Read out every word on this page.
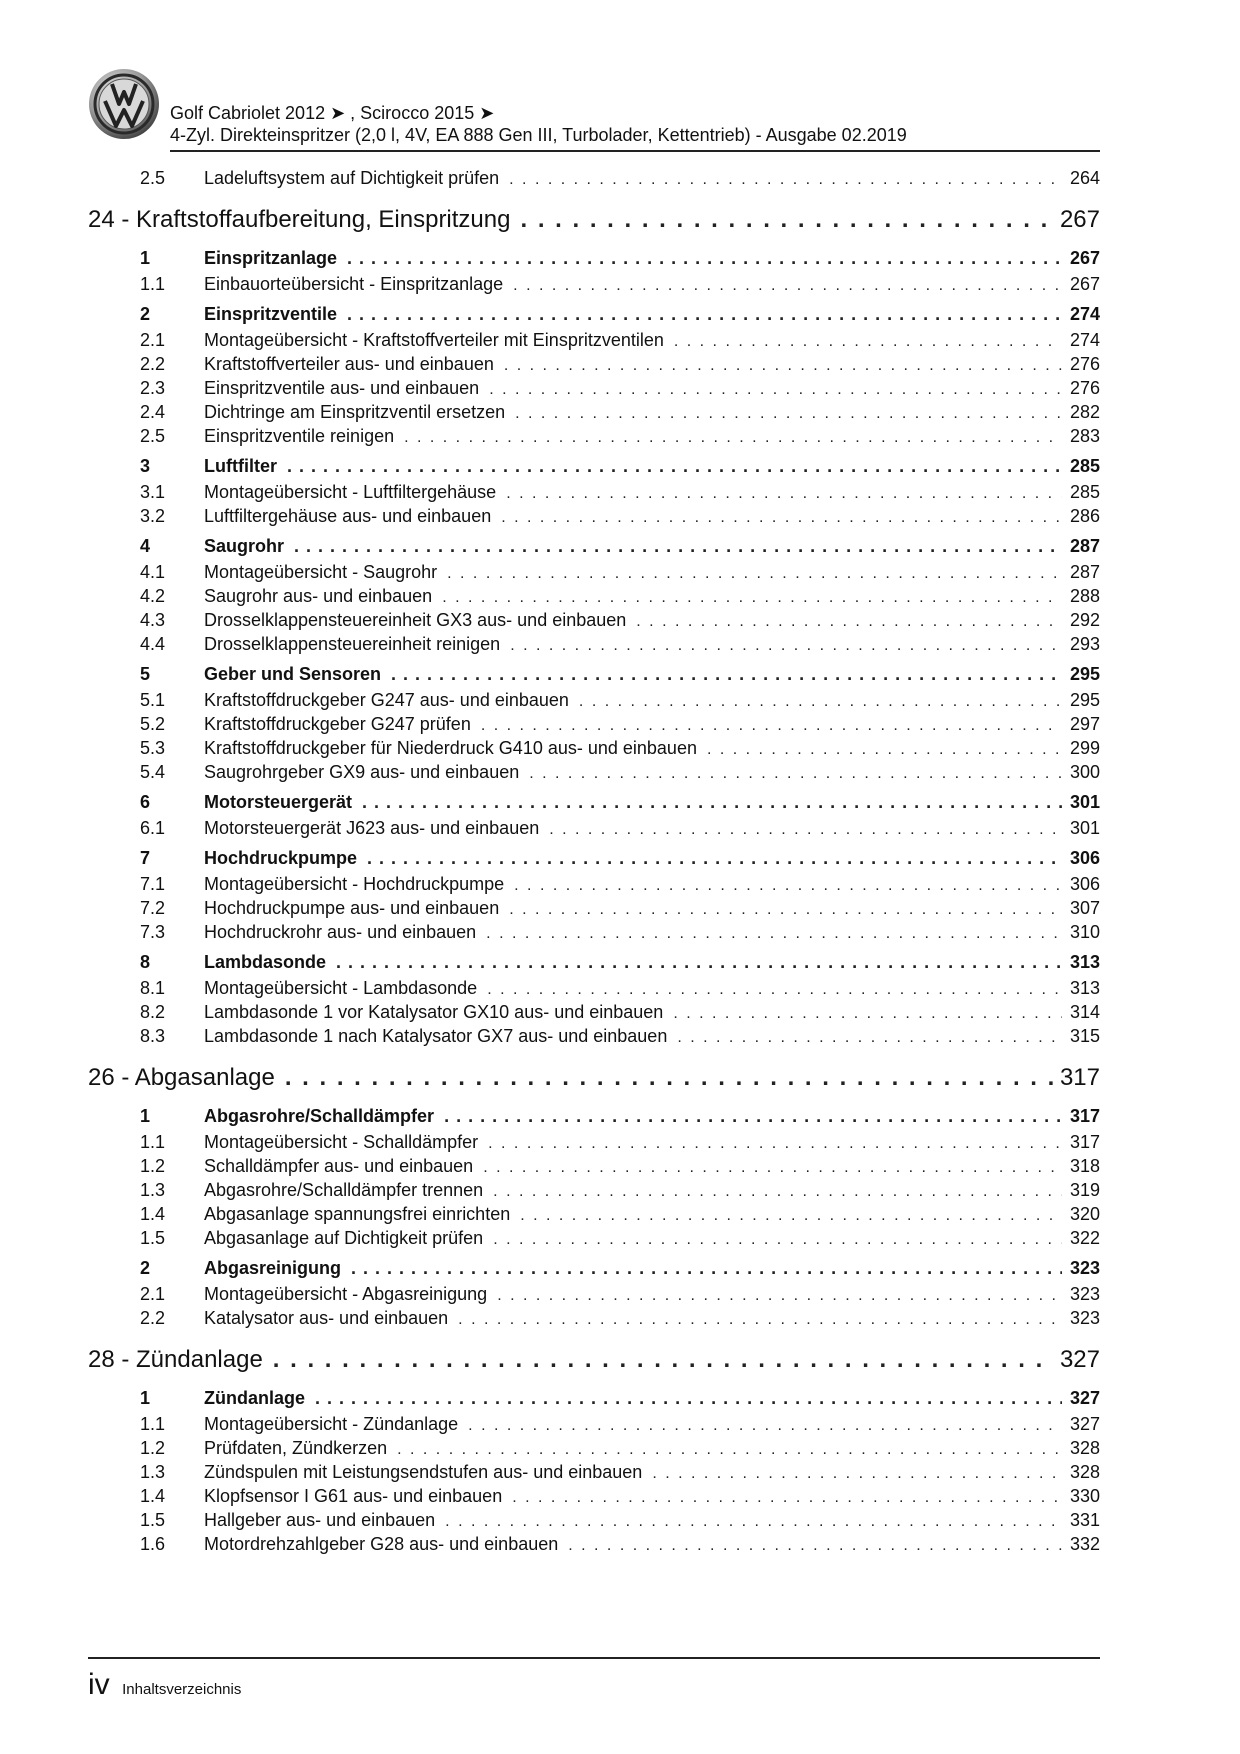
Golf Cabriolet 2012 ➤ , Scirocco 2015 ➤
4-Zyl. Direkteinspritzer (2,0 l, 4V, EA 888 Gen III, Turbolader, Kettentrieb) - Ausgabe 02.2019
2.5	Ladeluftsystem auf Dichtigkeit prüfen . . .	264
24 - Kraftstoffaufbereitung, Einspritzung . . .	267
1	Einspritzanlage . . .	267
1.1	Einbauorteübersicht - Einspritzanlage . . .	267
2	Einspritzventile . . .	274
2.1	Montageübersicht - Kraftstoffverteiler mit Einspritzventilen . . .	274
2.2	Kraftstoffverteiler aus- und einbauen . . .	276
2.3	Einspritzventile aus- und einbauen . . .	276
2.4	Dichtringe am Einspritzventil ersetzen . . .	282
2.5	Einspritzventile reinigen . . .	283
3	Luftfilter . . .	285
3.1	Montageübersicht - Luftfiltergehäuse . . .	285
3.2	Luftfiltergehäuse aus- und einbauen . . .	286
4	Saugrohr . . .	287
4.1	Montageübersicht - Saugrohr . . .	287
4.2	Saugrohr aus- und einbauen . . .	288
4.3	Drosselklappensteuereinheit GX3 aus- und einbauen . . .	292
4.4	Drosselklappensteuereinheit reinigen . . .	293
5	Geber und Sensoren . . .	295
5.1	Kraftstoffdruckgeber G247 aus- und einbauen . . .	295
5.2	Kraftstoffdruckgeber G247 prüfen . . .	297
5.3	Kraftstoffdruckgeber für Niederdruck G410 aus- und einbauen . . .	299
5.4	Saugrohrgeber GX9 aus- und einbauen . . .	300
6	Motorsteuergerät . . .	301
6.1	Motorsteuergerät J623 aus- und einbauen . . .	301
7	Hochdruckpumpe . . .	306
7.1	Montageübersicht - Hochdruckpumpe . . .	306
7.2	Hochdruckpumpe aus- und einbauen . . .	307
7.3	Hochdruckrohr aus- und einbauen . . .	310
8	Lambdasonde . . .	313
8.1	Montageübersicht - Lambdasonde . . .	313
8.2	Lambdasonde 1 vor Katalysator GX10 aus- und einbauen . . .	314
8.3	Lambdasonde 1 nach Katalysator GX7 aus- und einbauen . . .	315
26 - Abgasanlage . . .	317
1	Abgasrohre/Schalldämpfer . . .	317
1.1	Montageübersicht - Schalldämpfer . . .	317
1.2	Schalldämpfer aus- und einbauen . . .	318
1.3	Abgasrohre/Schalldämpfer trennen . . .	319
1.4	Abgasanlage spannungsfrei einrichten . . .	320
1.5	Abgasanlage auf Dichtigkeit prüfen . . .	322
2	Abgasreinigung . . .	323
2.1	Montageübersicht - Abgasreinigung . . .	323
2.2	Katalysator aus- und einbauen . . .	323
28 - Zündanlage . . .	327
1	Zündanlage . . .	327
1.1	Montageübersicht - Zündanlage . . .	327
1.2	Prüfdaten, Zündkerzen . . .	328
1.3	Zündspulen mit Leistungsendstufen aus- und einbauen . . .	328
1.4	Klopfsensor I G61 aus- und einbauen . . .	330
1.5	Hallgeber aus- und einbauen . . .	331
1.6	Motordrehzahlgeber G28 aus- und einbauen . . .	332
iv Inhaltsverzeichnis
